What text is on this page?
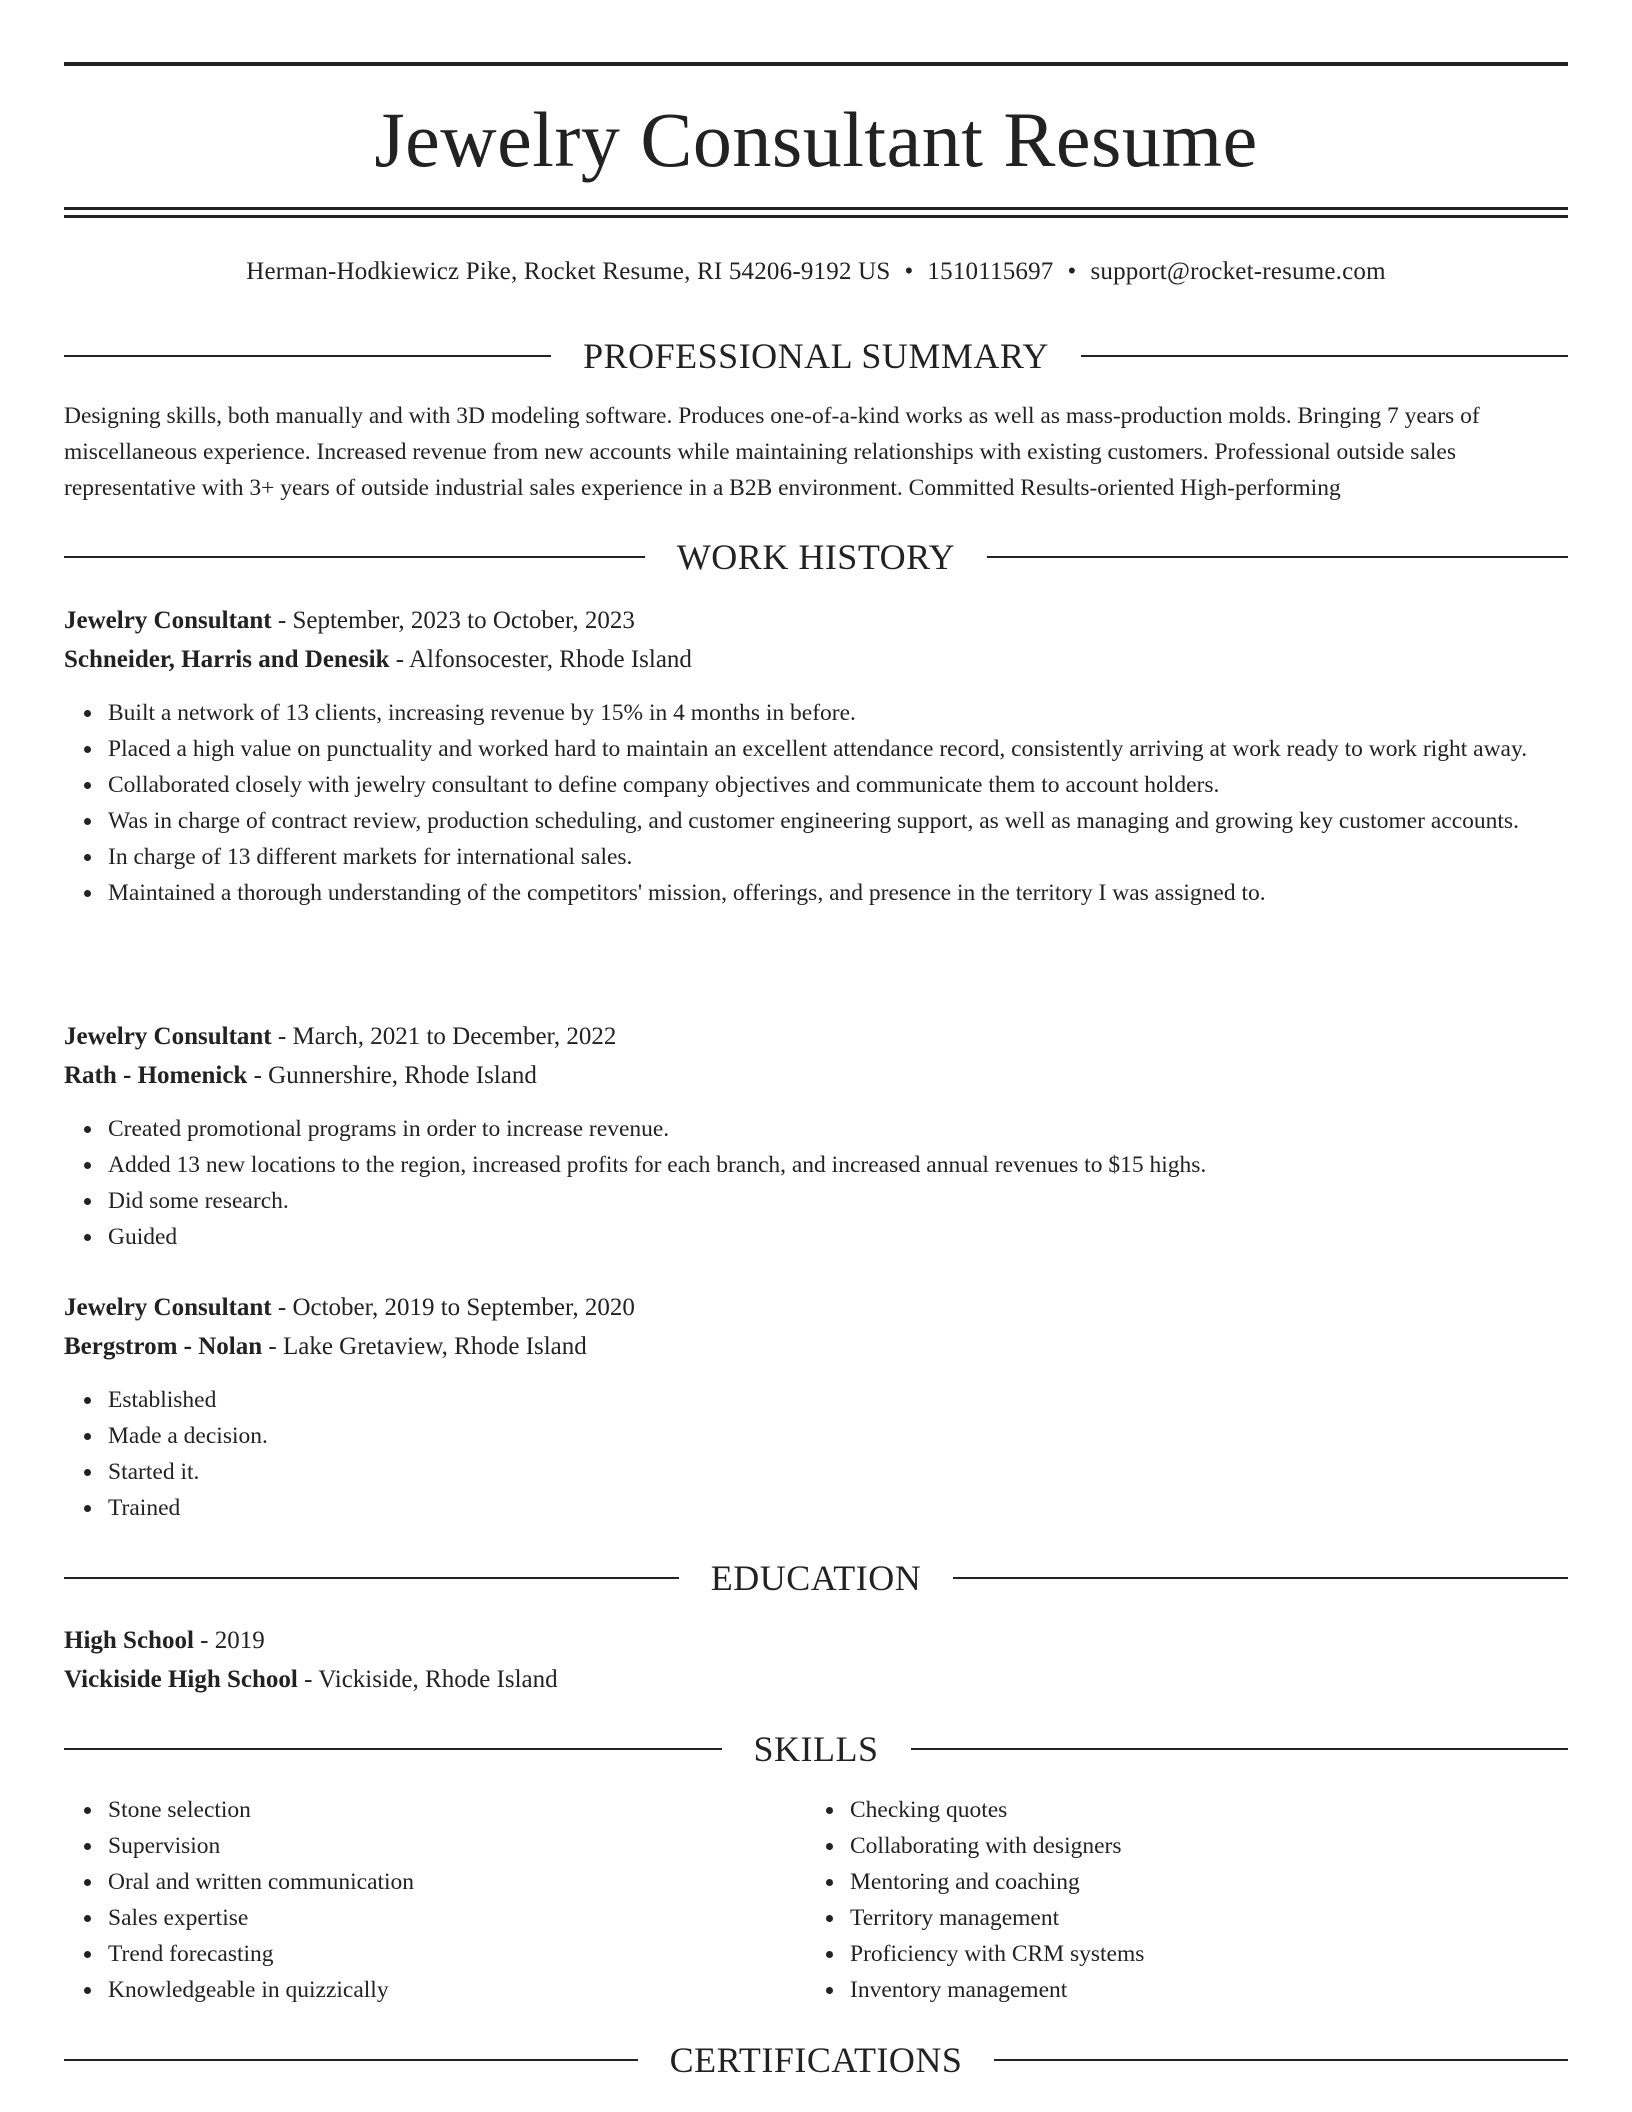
Jewelry Consultant Resume
Herman-Hodkiewicz Pike, Rocket Resume, RI 54206-9192 US • 1510115697 • support@rocket-resume.com
PROFESSIONAL SUMMARY

Designing skills, both manually and with 3D modeling software. Produces one-of-a-kind works as well as mass-production molds. Bringing 7 years of miscellaneous experience. Increased revenue from new accounts while maintaining relationships with existing customers. Professional outside sales representative with 3+ years of outside industrial sales experience in a B2B environment. Committed Results-oriented High-performing

WORK HISTORY
Jewelry Consultant - September, 2023 to October, 2023
Schneider, Harris and Denesik - Alfonsocester, Rhode Island
Built a network of 13 clients, increasing revenue by 15% in 4 months in before.
Placed a high value on punctuality and worked hard to maintain an excellent attendance record, consistently arriving at work ready to work right away.
Collaborated closely with jewelry consultant to define company objectives and communicate them to account holders.
Was in charge of contract review, production scheduling, and customer engineering support, as well as managing and growing key customer accounts.
In charge of 13 different markets for international sales.
Maintained a thorough understanding of the competitors' mission, offerings, and presence in the territory I was assigned to.
Jewelry Consultant - March, 2021 to December, 2022
Rath - Homenick - Gunnershire, Rhode Island
Created promotional programs in order to increase revenue.
Added 13 new locations to the region, increased profits for each branch, and increased annual revenues to $15 highs.
Did some research.
Guided
Jewelry Consultant - October, 2019 to September, 2020
Bergstrom - Nolan - Lake Gretaview, Rhode Island
Established
Made a decision.
Started it.
Trained
EDUCATION
High School - 2019
Vickiside High School - Vickiside, Rhode Island
SKILLS
Stone selection
Supervision
Oral and written communication
Sales expertise
Trend forecasting
Knowledgeable in quizzically
Checking quotes
Collaborating with designers
Mentoring and coaching
Territory management
Proficiency with CRM systems
Inventory management
CERTIFICATIONS
